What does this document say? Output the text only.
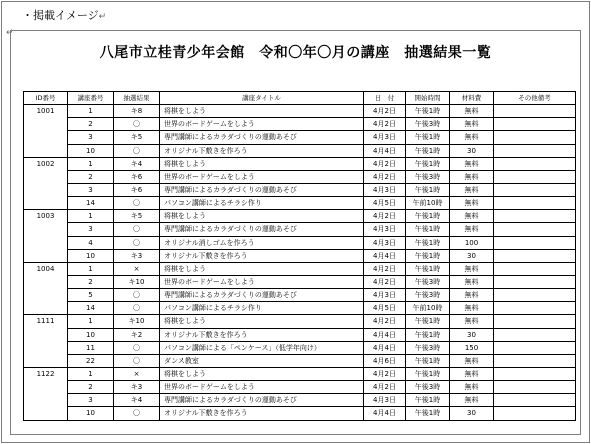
・掲載イメージ↵
↵
八尾市立桂青少年会館　令和〇年〇月の講座　抽選結果一覧
ID番号	講座番号	抽選結果	講座タイトル	日　付	開始時間	材料費	その他備考
1001	1	キ8	将棋をしよう	4月2日	午後1時	無料	
	2	〇	世界のボードゲームをしよう	4月2日	午後3時	無料	
	3	キ5	専門講師によるカラダづくりの運動あそび	4月3日	午後1時	無料	
	10	〇	オリジナル下敷きを作ろう	4月4日	午後1時	30	
1002	1	キ4	将棋をしよう	4月2日	午後1時	無料	
	2	キ6	世界のボードゲームをしよう	4月2日	午後3時	無料	
	3	キ6	専門講師によるカラダづくりの運動あそび	4月3日	午後1時	無料	
	14	〇	パソコン講師によるチラシ作り	4月5日	午前10時	無料	
1003	1	キ5	将棋をしよう	4月2日	午後1時	無料	
	3	〇	専門講師によるカラダづくりの運動あそび	4月3日	午後1時	無料	
	4	〇	オリジナル消しゴムを作ろう	4月3日	午後1時	100	
	10	キ3	オリジナル下敷きを作ろう	4月4日	午後1時	30	
1004	1	×	将棋をしよう	4月2日	午後1時	無料	
	2	キ10	世界のボードゲームをしよう	4月2日	午後3時	無料	
	5	〇	専門講師によるカラダづくりの運動あそび	4月3日	午後3時	無料	
	14	〇	パソコン講師によるチラシ作り	4月5日	午前10時	無料	
1111	1	キ10	将棋をしよう	4月2日	午後1時	無料	
	10	キ2	オリジナル下敷きを作ろう	4月4日	午後1時	30	
	11	〇	パソコン講師による「ペンケース」（低学年向け）	4月4日	午後3時	150	
	22	〇	ダンス教室	4月6日	午後1時	無料	
1122	1	×	将棋をしよう	4月2日	午後1時	無料	
	2	キ3	世界のボードゲームをしよう	4月2日	午後3時	無料	
	3	キ4	専門講師によるカラダづくりの運動あそび	4月3日	午後1時	無料	
	10	〇	オリジナル下敷きを作ろう	4月4日	午後1時	30	
